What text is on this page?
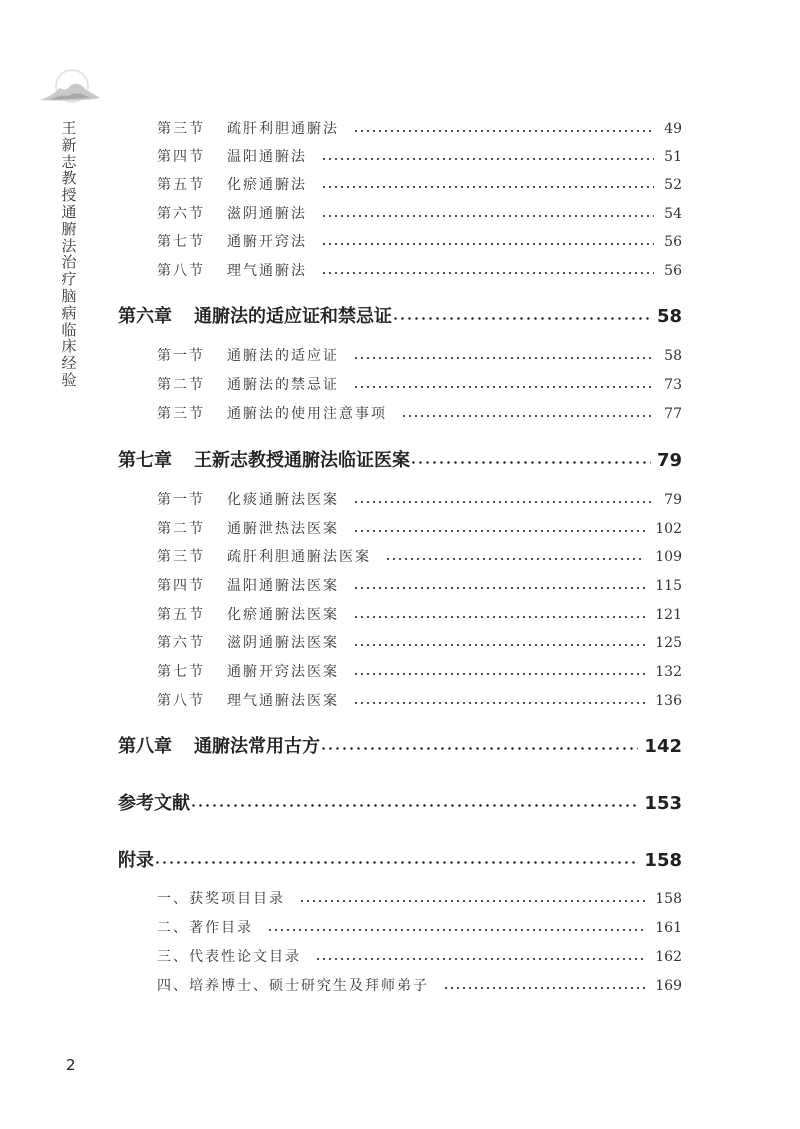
王新志教授通腑法治疗脑病临床经验
第三节	疏肝利胆通腑法	49
第四节	温阳通腑法	51
第五节	化瘀通腑法	52
第六节	滋阴通腑法	54
第七节	通腑开窍法	56
第八节	理气通腑法	56
第六章 通腑法的适应证和禁忌证	58
第一节	通腑法的适应证	58
第二节	通腑法的禁忌证	73
第三节	通腑法的使用注意事项	77
第七章 王新志教授通腑法临证医案	79
第一节	化痰通腑法医案	79
第二节	通腑泄热法医案	102
第三节	疏肝利胆通腑法医案	109
第四节	温阳通腑法医案	115
第五节	化瘀通腑法医案	121
第六节	滋阴通腑法医案	125
第七节	通腑开窍法医案	132
第八节	理气通腑法医案	136
第八章 通腑法常用古方	142
参考文献	153
附录	158
一、获奖项目目录	158
二、著作目录	161
三、代表性论文目录	162
四、培养博士、硕士研究生及拜师弟子	169
2
